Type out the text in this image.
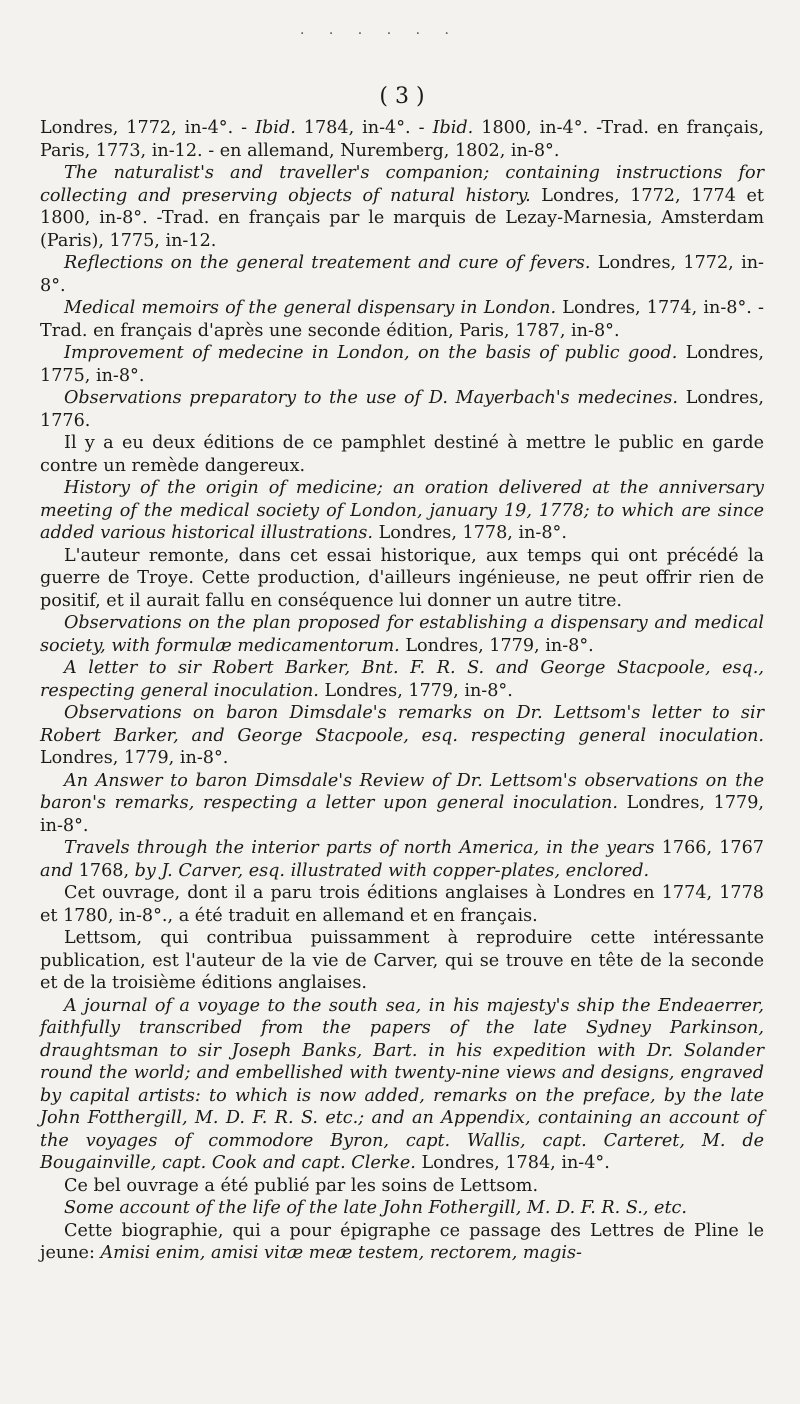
· · · · · ·
( 3 )

Londres, 1772, in-4°. - Ibid. 1784, in-4°. - Ibid. 1800, in-4°. -Trad. en français, Paris, 1773, in-12. - en allemand, Nuremberg, 1802, in-8°.

The naturalist's and traveller's companion; containing instructions for collecting and preserving objects of natural history. Londres, 1772, 1774 et 1800, in-8°. -Trad. en français par le marquis de Lezay-Marnesia, Amsterdam (Paris), 1775, in-12.

Reflections on the general treatement and cure of fevers. Londres, 1772, in-8°.

Medical memoirs of the general dispensary in London. Londres, 1774, in-8°. -Trad. en français d'après une seconde édition, Paris, 1787, in-8°.

Improvement of medecine in London, on the basis of public good. Londres, 1775, in-8°.

Observations preparatory to the use of D. Mayerbach's medecines. Londres, 1776.

Il y a eu deux éditions de ce pamphlet destiné à mettre le public en garde contre un remède dangereux.

History of the origin of medicine; an oration delivered at the anniversary meeting of the medical society of London, january 19, 1778; to which are since added various historical illustrations. Londres, 1778, in-8°.

L'auteur remonte, dans cet essai historique, aux temps qui ont précédé la guerre de Troye. Cette production, d'ailleurs ingénieuse, ne peut offrir rien de positif, et il aurait fallu en conséquence lui donner un autre titre.

Observations on the plan proposed for establishing a dispensary and medical society, with formulæ medicamentorum. Londres, 1779, in-8°.

A letter to sir Robert Barker, Bnt. F. R. S. and George Stacpoole, esq., respecting general inoculation. Londres, 1779, in-8°.

Observations on baron Dimsdale's remarks on Dr. Lettsom's letter to sir Robert Barker, and George Stacpoole, esq. respecting general inoculation. Londres, 1779, in-8°.

An Answer to baron Dimsdale's Review of Dr. Lettsom's observations on the baron's remarks, respecting a letter upon general inoculation. Londres, 1779, in-8°.

Travels through the interior parts of north America, in the years 1766, 1767 and 1768, by J. Carver, esq. illustrated with copper-plates, enclored.

Cet ouvrage, dont il a paru trois éditions anglaises à Londres en 1774, 1778 et 1780, in-8°., a été traduit en allemand et en français.

Lettsom, qui contribua puissamment à reproduire cette intéressante publication, est l'auteur de la vie de Carver, qui se trouve en tête de la seconde et de la troisième éditions anglaises.

A journal of a voyage to the south sea, in his majesty's ship the Endeaerrer, faithfully transcribed from the papers of the late Sydney Parkinson, draughtsman to sir Joseph Banks, Bart. in his expedition with Dr. Solander round the world; and embellished with twenty-nine views and designs, engraved by capital artists: to which is now added, remarks on the preface, by the late John Fotthergill, M. D. F. R. S. etc.; and an Appendix, containing an account of the voyages of commodore Byron, capt. Wallis, capt. Carteret, M. de Bougainville, capt. Cook and capt. Clerke. Londres, 1784, in-4°.

Ce bel ouvrage a été publié par les soins de Lettsom.

Some account of the life of the late John Fothergill, M. D. F. R. S., etc.

Cette biographie, qui a pour épigraphe ce passage des Lettres de Pline le jeune: Amisi enim, amisi vitæ meæ testem, rectorem, magis-
